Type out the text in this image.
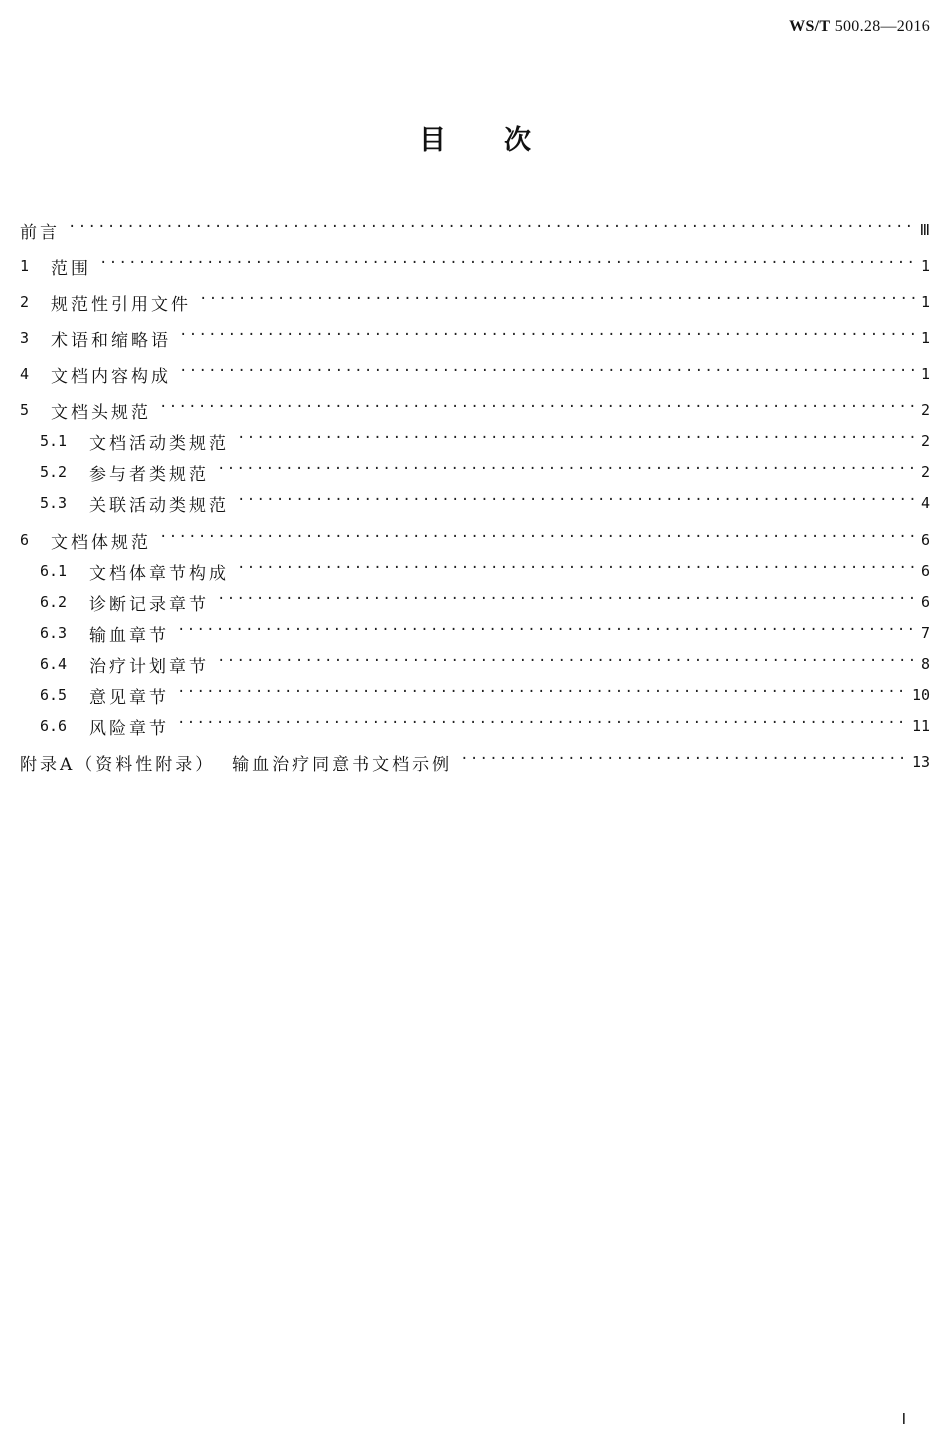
WS/T 500.28—2016
目次
前言 ·····	Ⅲ
1	范围 ·····	1
2	规范性引用文件 ·····	1
3	术语和缩略语 ·····	1
4	文档内容构成 ·····	1
5	文档头规范 ·····	2
5.1	文档活动类规范 ·····	2
5.2	参与者类规范 ·····	2
5.3	关联活动类规范 ·····	4
6	文档体规范 ·····	6
6.1	文档体章节构成 ·····	6
6.2	诊断记录章节 ·····	6
6.3	输血章节 ·····	7
6.4	治疗计划章节 ·····	8
6.5	意见章节 ·····	10
6.6	风险章节 ·····	11
附录A（资料性附录）  输血治疗同意书文档示例 ·····	13
Ⅰ
